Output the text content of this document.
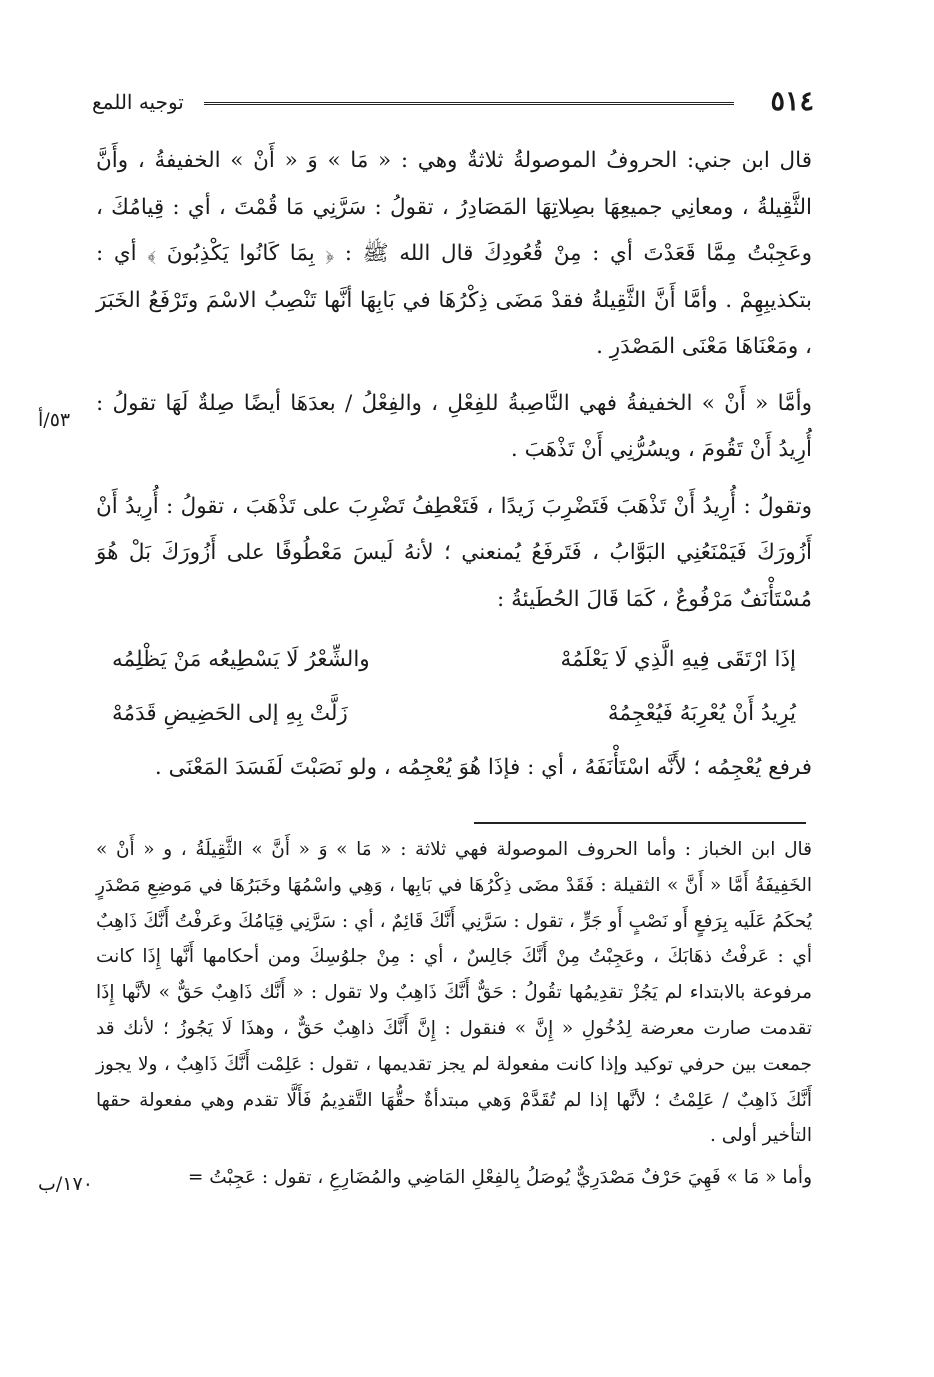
٥١٤
توجيه اللمع

قال ابن جني: الحروفُ الموصولةُ ثلاثةٌ وهي : « مَا » وَ « أَنْ » الخفيفةُ ، وأَنَّ الثَّقِيلةُ ، ومعانِي جميعِهَا بصِلاتِهَا المَصَادِرُ ، تقولُ : سَرَّنِي مَا قُمْتَ ، أي : قِيامُكَ ، وعَجِبْتُ مِمَّا قَعَدْتَ أي : مِنْ قُعُودِكَ قال الله ﷺ : ﴿ بِمَا كَانُوا يَكْذِبُونَ ﴾ أي : بتكذيبِهِمْ . وأمَّا أَنَّ الثَّقِيلةُ فقدْ مَضَى ذِكْرُهَا في بَابِهَا أنَّها تَنْصِبُ الاسْمَ وتَرْفَعُ الخَبَرَ ، ومَعْنَاهَا مَعْنَى المَصْدَرِ .

وأمَّا « أَنْ » الخفيفةُ فهي النَّاصِبةُ للفِعْلِ ، والفِعْلُ / بعدَهَا أيضًا صِلةٌ لَهَا تقولُ : أُرِيدُ أَنْ تَقُومَ ، ويسُرُّنِي أَنْ تَذْهَبَ .

وتقولُ : أُرِيدُ أَنْ تَذْهَبَ فَتَضْرِبَ زَيدًا ، فَتَعْطِفُ تَضْرِبَ على تَذْهَبَ ، تقولُ : أُرِيدُ أَنْ أَزُورَكَ فَيَمْنَعُنِي البَوَّابُ ، فَتَرفَعُ يُمنعني ؛ لأنهُ لَيسَ مَعْطُوفًا على أَزُورَكَ بَلْ هُوَ مُسْتَأْنَفٌ مَرْفُوعٌ ، كَمَا قَالَ الحُطَيئةُ :

إذَا ارْتَقَى فِيهِ الَّذِي لَا يَعْلَمُهْ
والشِّعْرُ لَا يَسْطِيعُه مَنْ يَظْلِمُه
يُرِيدُ أَنْ يُعْرِبَهُ فَيُعْجِمُهْ
زَلَّتْ بِهِ إلى الحَضِيضِ قَدَمُهْ

فرفع يُعْجِمُه ؛ لأَنَّه اسْتَأْنَفَهُ ، أي : فإذَا هُوَ يُعْجِمُه ، ولو نَصَبْتَ لَفَسَدَ المَعْنَى .

٥٣/أ

قال ابن الخباز : وأما الحروف الموصولة فهي ثلاثة : « مَا » وَ « أَنَّ » الثَّقِيلَةُ ، و « أَنْ » الخَفِيفَةُ أَمَّا « أَنَّ » الثقيلة : فَقَدْ مضَى ذِكْرُهَا في بَابِها ، وَهِي واسْمُهَا وخَبَرُهَا في مَوضِعِ مَصْدَرٍ يُحكَمُ عَلَيه بِرَفعٍ أَو نَصْبٍ أَو جَرٍّ ، تقول : سَرَّنِي أَنَّكَ قَائِمٌ ، أي : سَرَّنِي قِيَامُكَ وعَرفْتُ أَنَّكَ ذَاهِبٌ أي : عَرفْتُ ذهَابَكَ ، وعَجِبْتُ مِنْ أَنَّكَ جَالِسٌ ، أي : مِنْ جلوُسِكَ ومن أحكامها أَنَّها إِذَا كانت مرفوعة بالابتداء لم يَجُزْ تقدِيمُها تقُولُ : حَقٌّ أَنَّكَ ذَاهِبٌ ولا تقول : « أَنَّك ذَاهِبٌ حَقٌّ » لأنَّها إِذَا تقدمت صارت معرضة لِدُخُولِ « إِنَّ » فنقول : إِنَّ أَنَّكَ ذاهِبٌ حَقٌّ ، وهذَا لَا يَجُوزُ ؛ لأنك قد جمعت بين حرفي توكيد وإذا كانت مفعولة لم يجز تقديمها ، تقول : عَلِمْت أَنَّكَ ذَاهِبٌ ، ولا يجوز أَنَّكَ ذَاهِبٌ / عَلِمْتُ ؛ لأنَّها إذا لم تُقَدَّمْ وَهي مبتدأةٌ حقُّهَا التَّقدِيمُ فَأَلَّا تقدم وهي مفعولة حقها التأخير أولى .

وأما « مَا » فَهِيَ حَرْفٌ مَصْدَرِيٌّ يُوصَلُ بِالفِعْلِ المَاضِي والمُضَارِعِ ، تقول : عَجِبْتُ =

١٧٠/ب
